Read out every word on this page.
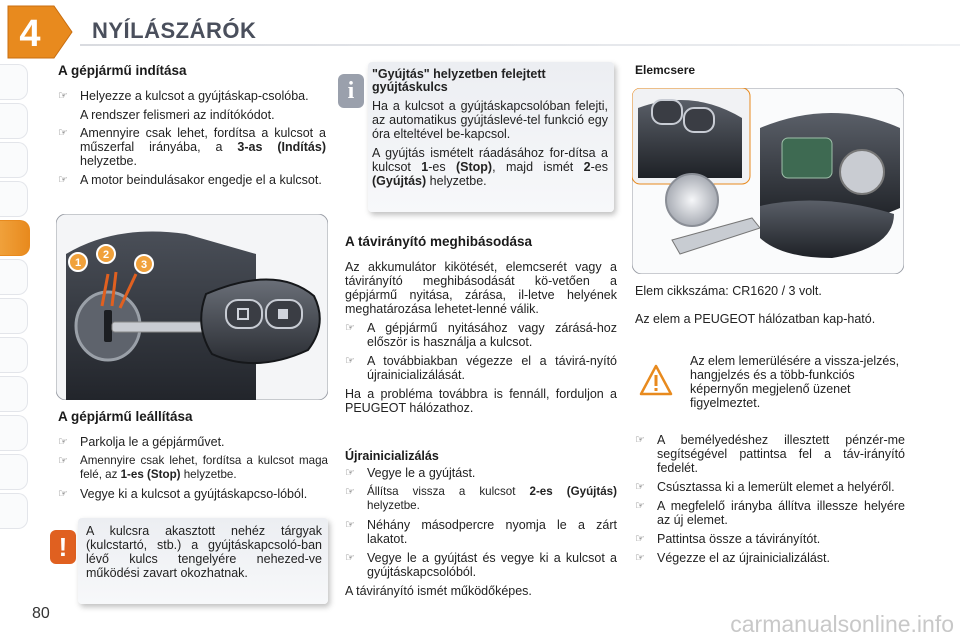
4 NYÍLÁSZÁRÓK
A gépjármű indítása
☞ Helyezze a kulcsot a gyújtáskap-csolóba.
A rendszer felismeri az indítókódot.
☞ Amennyire csak lehet, fordítsa a kulcsot a műszerfal irányába, a 3-as (Indítás) helyzetbe.
☞ A motor beindulásakor engedje el a kulcsot.
1
2
3
A gépjármű leállítása
☞ Parkolja le a gépjárművet.
☞ Amennyire csak lehet, fordítsa a kulcsot maga felé, az 1-es (Stop) helyzetbe.
☞ Vegye ki a kulcsot a gyújtáskapcso-lóból.
!
A kulcsra akasztott nehéz tárgyak (kulcstartó, stb.) a gyújtáskapcsoló-ban lévő kulcs tengelyére nehezed-ve működési zavart okozhatnak.
i
"Gyújtás" helyzetben felejtett gyújtáskulcs

Ha a kulcsot a gyújtáskapcsolóban felejti, az automatikus gyújtáslevé-tel funkció egy óra elteltével be-kapcsol.

A gyújtás ismételt ráadásához for-dítsa a kulcsot 1-es (Stop), majd ismét 2-es (Gyújtás) helyzetbe.

A távirányító meghibásodása

Az akkumulátor kikötését, elemcserét vagy a távirányító meghibásodását kö-vetően a gépjármű nyitása, zárása, il-letve helyének meghatározása lehetet-lenné válik.

☞ A gépjármű nyitásához vagy zárásá-hoz először is használja a kulcsot.
☞ A továbbiakban végezze el a távirá-nyító újrainicializálását.

Ha a probléma továbbra is fennáll, forduljon a PEUGEOT hálózathoz.

Újrainicializálás
☞ Vegye le a gyújtást.
☞ Állítsa vissza a kulcsot 2-es (Gyújtás) helyzetbe.
☞ Néhány másodpercre nyomja le a zárt lakatot.
☞ Vegye le a gyújtást és vegye ki a kulcsot a gyújtáskapcsolóból.

A távirányító ismét működőképes.

Elemcsere

Elem cikkszáma: CR1620 / 3 volt.

Az elem a PEUGEOT hálózatban kap-ható.

Az elem lemerülésére a vissza-jelzés, hangjelzés és a több-funkciós képernyőn megjelenő üzenet figyelmeztet.
☞ A bemélyedéshez illesztett pénzér-me segítségével pattintsa fel a táv-irányító fedelét.
☞ Csúsztassa ki a lemerült elemet a helyéről.
☞ A megfelelő irányba állítva illessze helyére az új elemet.
☞ Pattintsa össze a távirányítót.
☞ Végezze el az újrainicializálást.
80	carmanualsonline.info
